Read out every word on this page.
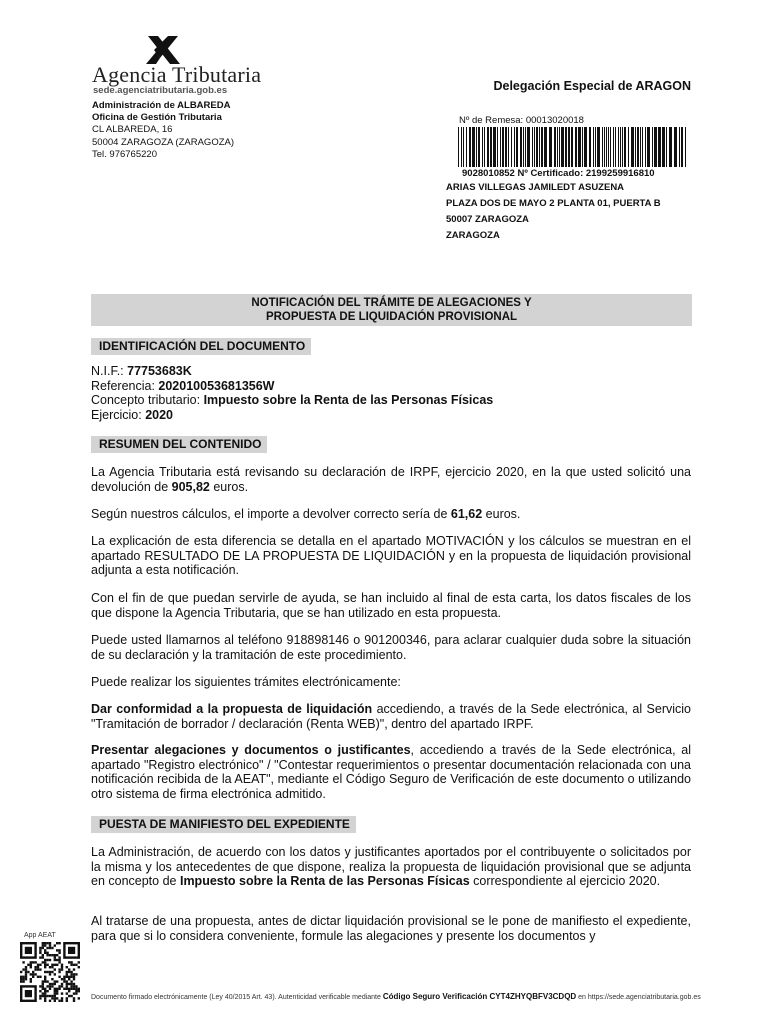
Agencia Tributaria
sede.agenciatributaria.gob.es	Delegación Especial de ARAGON
Administración de ALBAREDA
Oficina de Gestión Tributaria
CL ALBAREDA, 16
50004 ZARAGOZA (ZARAGOZA)
Tel. 976765220
Nº de Remesa: 00013020018
9028010852 Nº Certificado: 2199259916810
ARIAS VILLEGAS JAMILEDT ASUZENA
PLAZA DOS DE MAYO 2 PLANTA 01, PUERTA B
50007 ZARAGOZA
ZARAGOZA
NOTIFICACIÓN DEL TRÁMITE DE ALEGACIONES Y
PROPUESTA DE LIQUIDACIÓN PROVISIONAL
IDENTIFICACIÓN DEL DOCUMENTO
N.I.F.: 77753683K
Referencia: 202010053681356W
Concepto tributario: Impuesto sobre la Renta de las Personas Físicas
Ejercicio: 2020
RESUMEN DEL CONTENIDO
La Agencia Tributaria está revisando su declaración de IRPF, ejercicio 2020, en la que usted solicitó una devolución de 905,82 euros.
Según nuestros cálculos, el importe a devolver correcto sería de 61,62 euros.
La explicación de esta diferencia se detalla en el apartado MOTIVACIÓN y los cálculos se muestran en el apartado RESULTADO DE LA PROPUESTA DE LIQUIDACIÓN y en la propuesta de liquidación provisional adjunta a esta notificación.
Con el fin de que puedan servirle de ayuda, se han incluido al final de esta carta, los datos fiscales de los que dispone la Agencia Tributaria, que se han utilizado en esta propuesta.
Puede usted llamarnos al teléfono 918898146 o 901200346, para aclarar cualquier duda sobre la situación de su declaración y la tramitación de este procedimiento.
Puede realizar los siguientes trámites electrónicamente:
Dar conformidad a la propuesta de liquidación accediendo, a través de la Sede electrónica, al Servicio "Tramitación de borrador / declaración (Renta WEB)", dentro del apartado IRPF.
Presentar alegaciones y documentos o justificantes, accediendo a través de la Sede electrónica, al apartado "Registro electrónico" / "Contestar requerimientos o presentar documentación relacionada con una notificación recibida de la AEAT", mediante el Código Seguro de Verificación de este documento o utilizando otro sistema de firma electrónica admitido.
PUESTA DE MANIFIESTO DEL EXPEDIENTE
La Administración, de acuerdo con los datos y justificantes aportados por el contribuyente o solicitados por la misma y los antecedentes de que dispone, realiza la propuesta de liquidación provisional que se adjunta en concepto de Impuesto sobre la Renta de las Personas Físicas correspondiente al ejercicio 2020.
Al tratarse de una propuesta, antes de dictar liquidación provisional se le pone de manifiesto el expediente, para que si lo considera conveniente, formule las alegaciones y presente los documentos y
App AEAT
Documento firmado electrónicamente (Ley 40/2015 Art. 43). Autenticidad verificable mediante Código Seguro Verificación CYT4ZHYQBFV3CDQD en https://sede.agenciatributaria.gob.es
